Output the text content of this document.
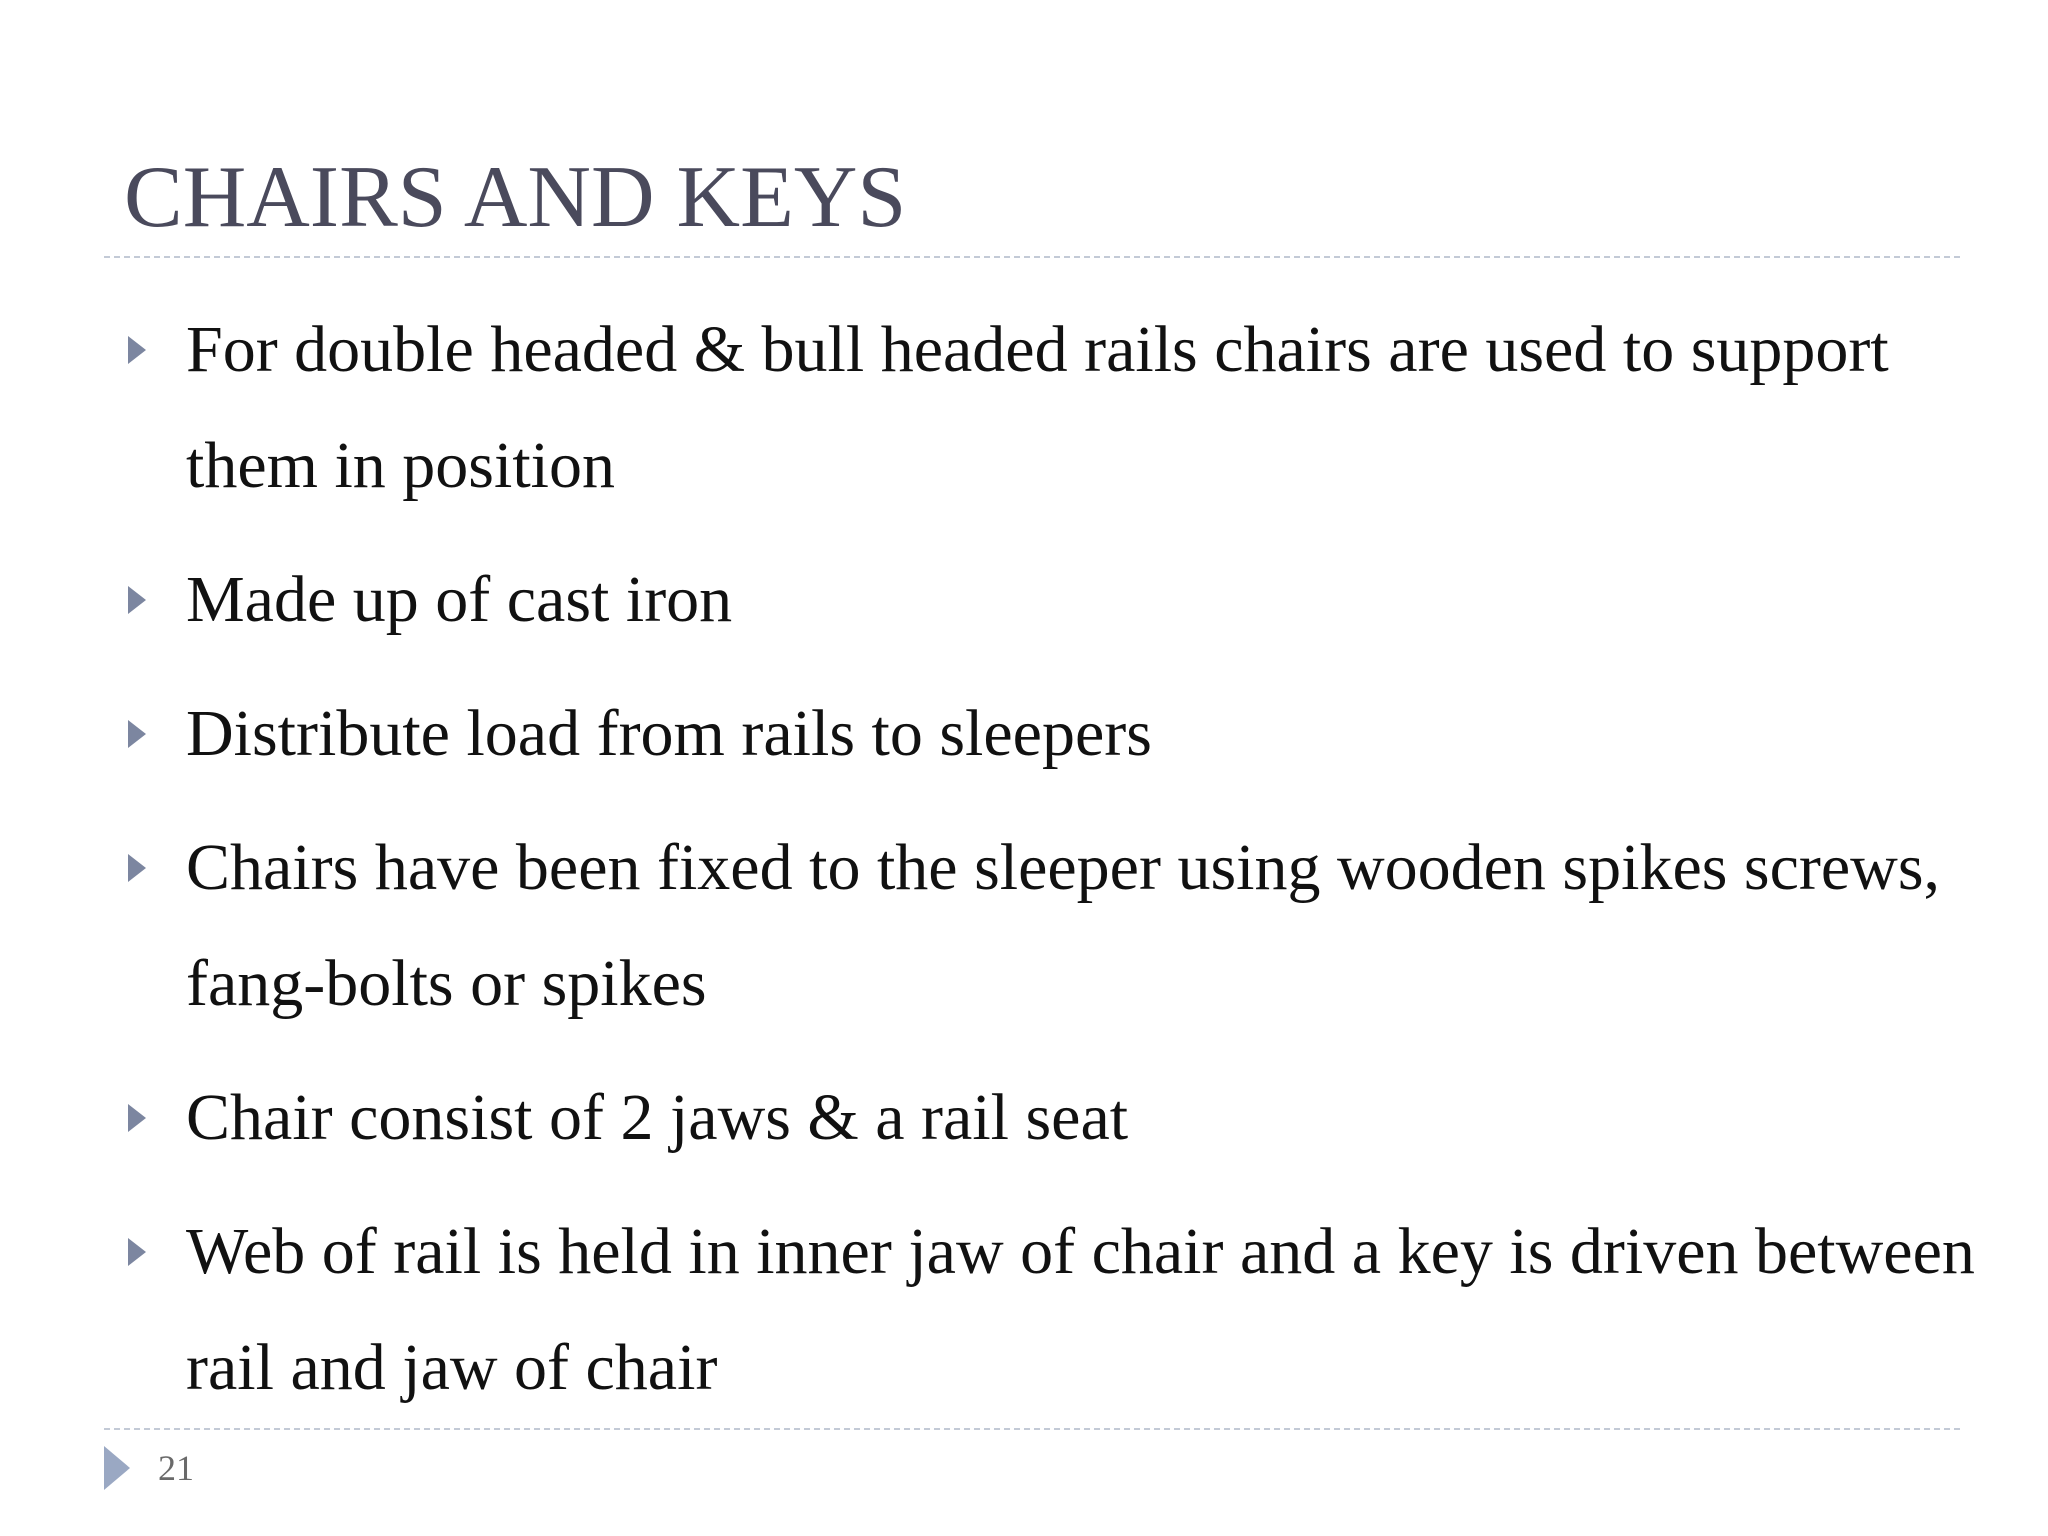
CHAIRS AND KEYS
For double headed & bull headed rails chairs are used to support them in position
Made up of cast iron
Distribute load from rails to sleepers
Chairs have been fixed to the sleeper using wooden spikes screws, fang-bolts or spikes
Chair consist of 2 jaws & a rail seat
Web of rail is held in inner jaw of chair and a key is driven between rail and jaw of chair
21
